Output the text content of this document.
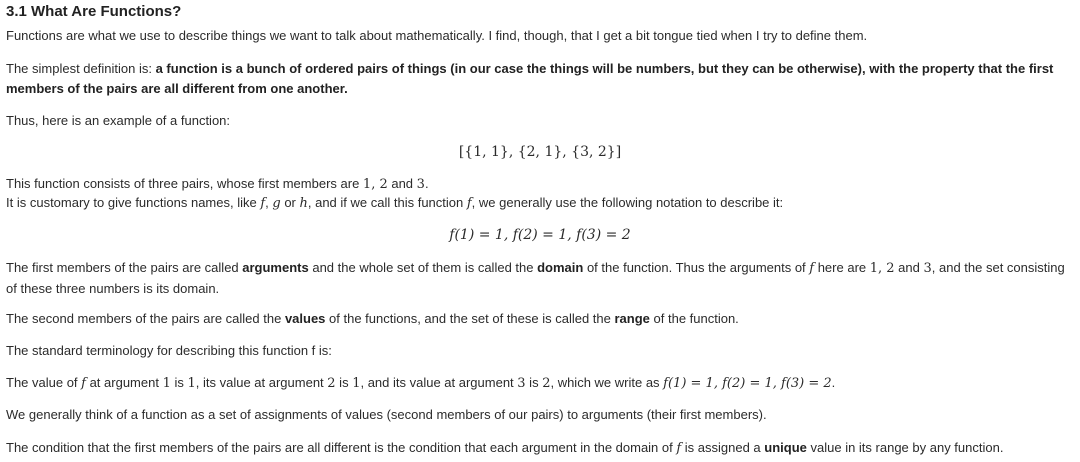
3.1 What Are Functions?

Functions are what we use to describe things we want to talk about mathematically. I find, though, that I get a bit tongue tied when I try to define them.

The simplest definition is: a function is a bunch of ordered pairs of things (in our case the things will be numbers, but they can be otherwise), with the property that the first members of the pairs are all different from one another.

Thus, here is an example of a function:

[{1, 1}, {2, 1}, {3, 2}]

This function consists of three pairs, whose first members are 1, 2 and 3.

It is customary to give functions names, like f, g or h, and if we call this function f, we generally use the following notation to describe it:

f(1) = 1, f(2) = 1, f(3) = 2

The first members of the pairs are called arguments and the whole set of them is called the domain of the function. Thus the arguments of f here are 1, 2 and 3, and the set consisting of these three numbers is its domain.

The second members of the pairs are called the values of the functions, and the set of these is called the range of the function.

The standard terminology for describing this function f is:

The value of f at argument 1 is 1, its value at argument 2 is 1, and its value at argument 3 is 2, which we write as f(1) = 1, f(2) = 1, f(3) = 2.

We generally think of a function as a set of assignments of values (second members of our pairs) to arguments (their first members).

The condition that the first members of the pairs are all different is the condition that each argument in the domain of f is assigned a unique value in its range by any function.
